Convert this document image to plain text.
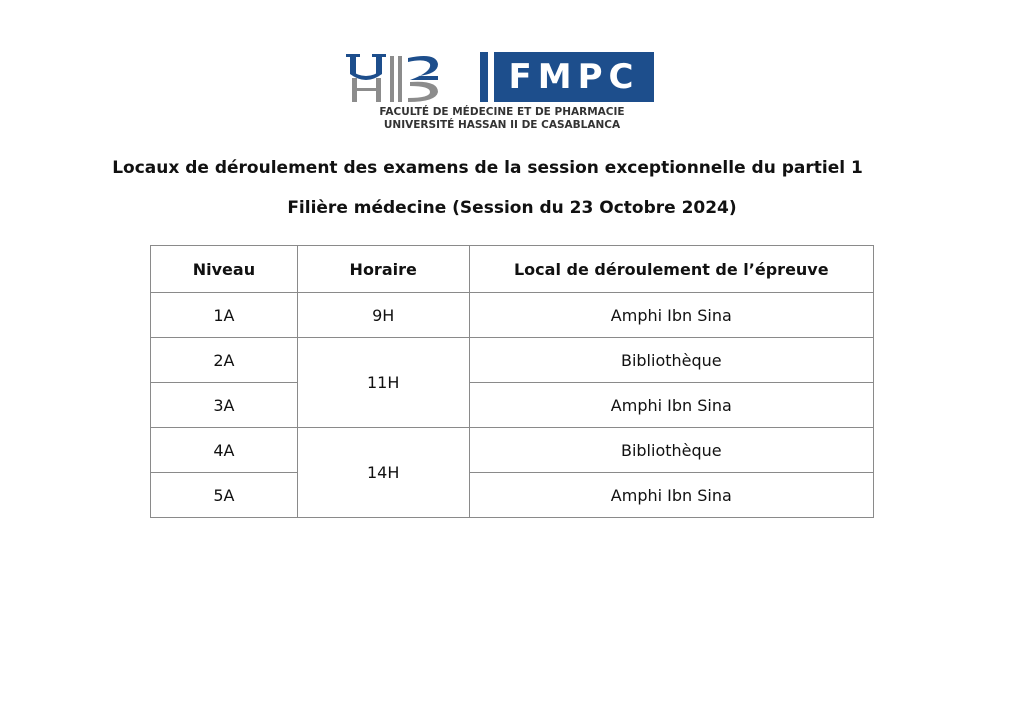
FMPC
FACULTÉ DE MÉDECINE ET DE PHARMACIE
UNIVERSITÉ HASSAN II DE CASABLANCA
Locaux de déroulement des examens de la session exceptionnelle du partiel 1
Filière médecine (Session du 23 Octobre 2024)
Niveau	Horaire	Local de déroulement de l’épreuve
1A	9H	Amphi Ibn Sina
2A	11H	Bibliothèque
3A		Amphi Ibn Sina
4A	14H	Bibliothèque
5A		Amphi Ibn Sina
